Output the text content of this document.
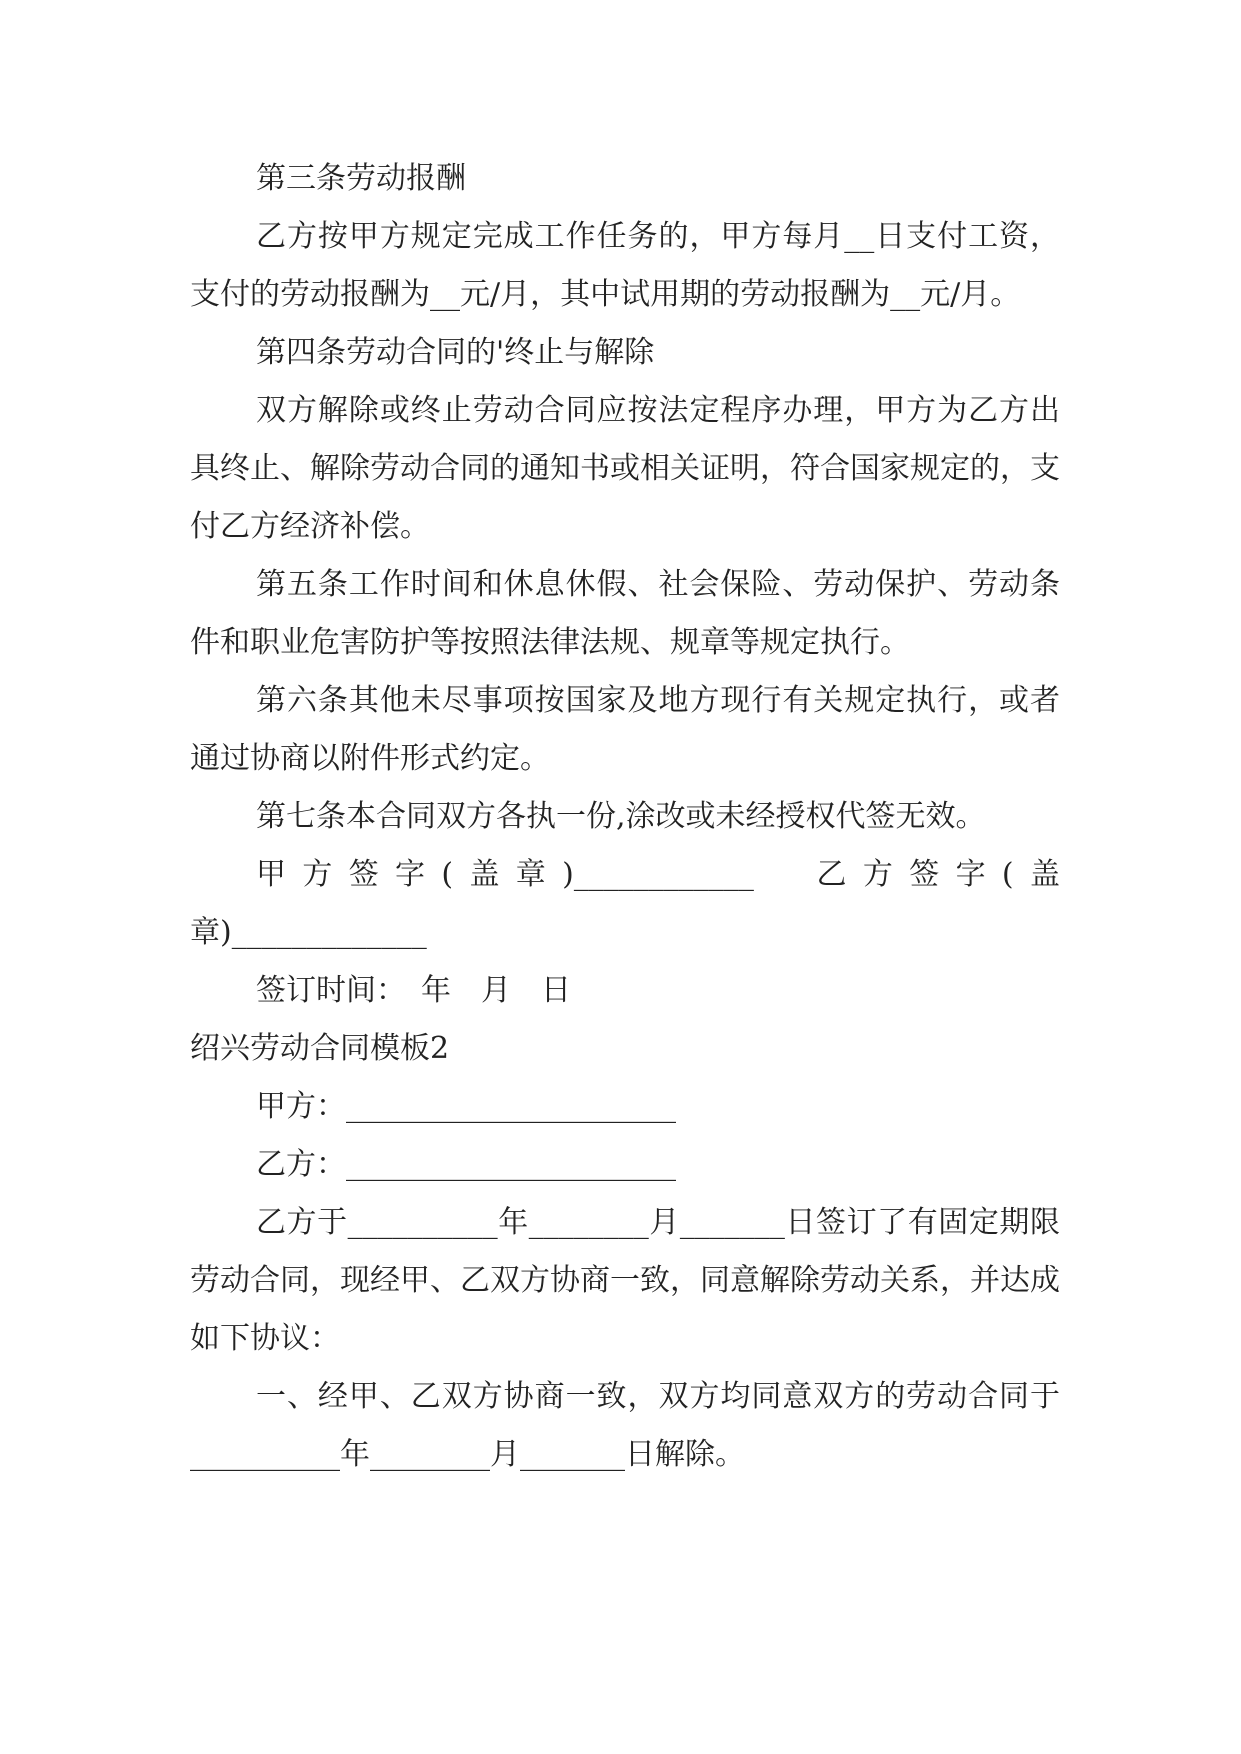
第三条劳动报酬

乙方按甲方规定完成工作任务的，甲方每月__日支付工资，支付的劳动报酬为__元/月，其中试用期的劳动报酬为__元/月。

第四条劳动合同的'终止与解除

双方解除或终止劳动合同应按法定程序办理，甲方为乙方出具终止、解除劳动合同的通知书或相关证明，符合国家规定的，支付乙方经济补偿。

第五条工作时间和休息休假、社会保险、劳动保护、劳动条件和职业危害防护等按照法律法规、规章等规定执行。

第六条其他未尽事项按国家及地方现行有关规定执行，或者通过协商以附件形式约定。

第七条本合同双方各执一份,涂改或未经授权代签无效。

甲方签字(盖章)____________　乙方签字(盖章)_____________

签订时间：　年　月　日

绍兴劳动合同模板2

甲方：______________________

乙方：______________________

乙方于__________年________月_______日签订了有固定期限劳动合同，现经甲、乙双方协商一致，同意解除劳动关系，并达成如下协议：

一、经甲、乙双方协商一致，双方均同意双方的劳动合同于__________年________月_______日解除。
